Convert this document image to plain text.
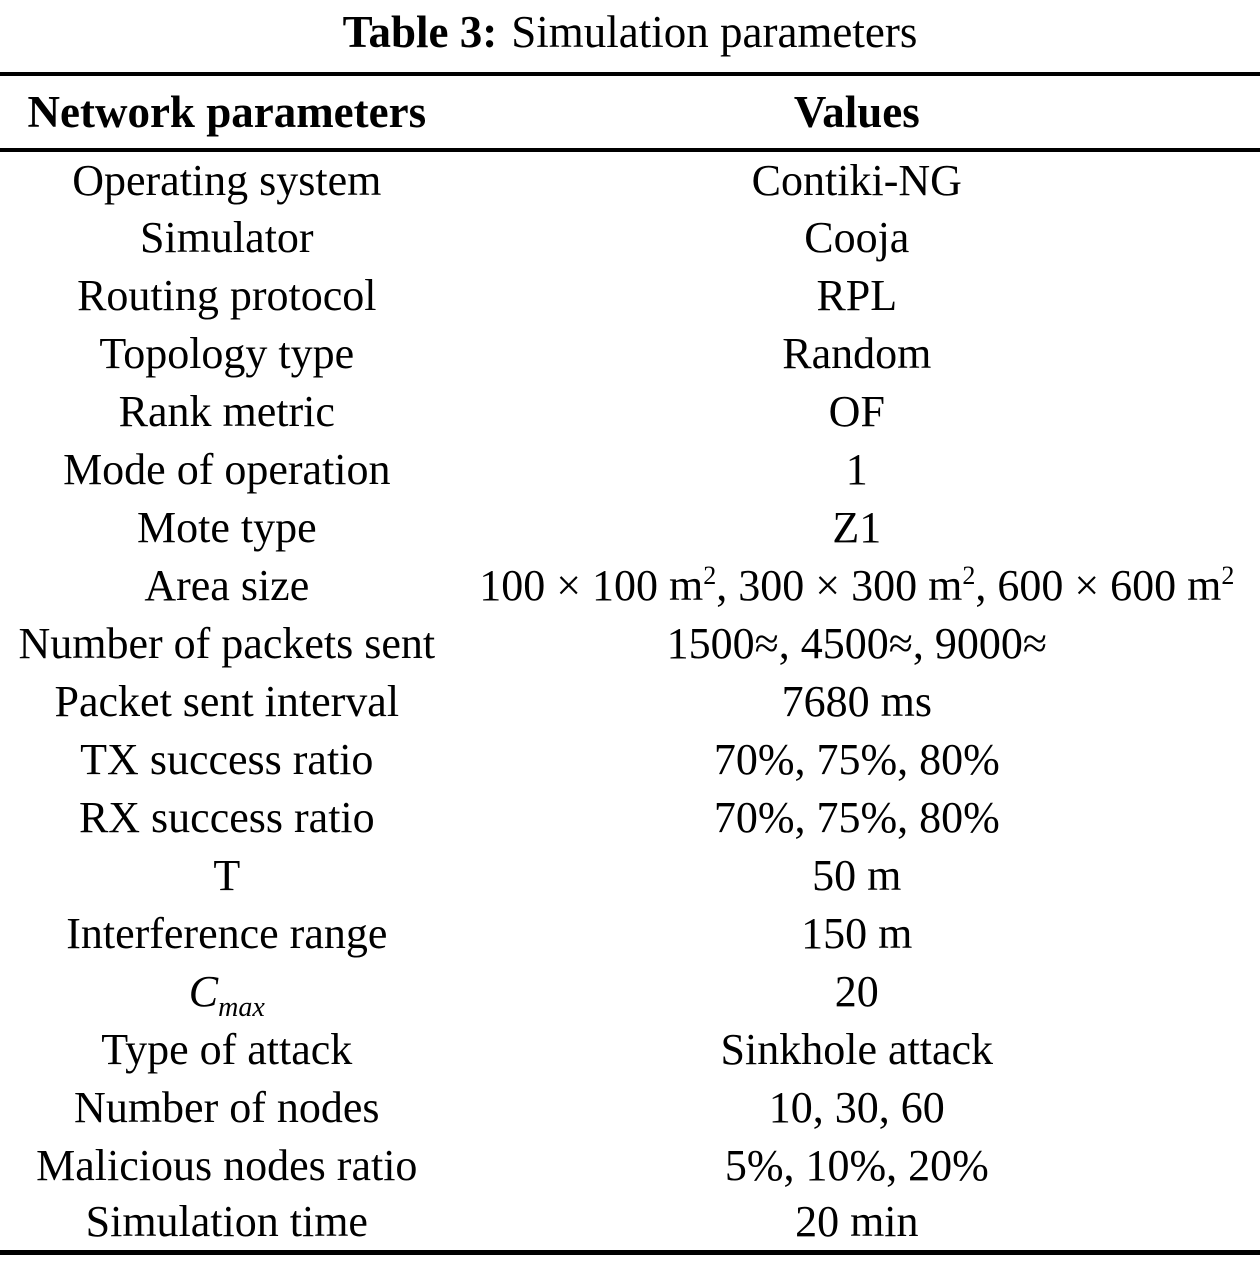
Table 3: Simulation parameters
Network parameters	Values
Operating system	Contiki-NG
Simulator	Cooja
Routing protocol	RPL
Topology type	Random
Rank metric	OF
Mode of operation	1
Mote type	Z1
Area size	100 × 100 $m^2$, 300 × 300 $m^2$, 600 × 600 $m^2$
Number of packets sent	1500≈, 4500≈, 9000≈
Packet sent interval	7680 ms
TX success ratio	70%, 75%, 80%
RX success ratio	70%, 75%, 80%
T	50 m
Interference range	150 m
$C_{max}$	20
Type of attack	Sinkhole attack
Number of nodes	10, 30, 60
Malicious nodes ratio	5%, 10%, 20%
Simulation time	20 min
